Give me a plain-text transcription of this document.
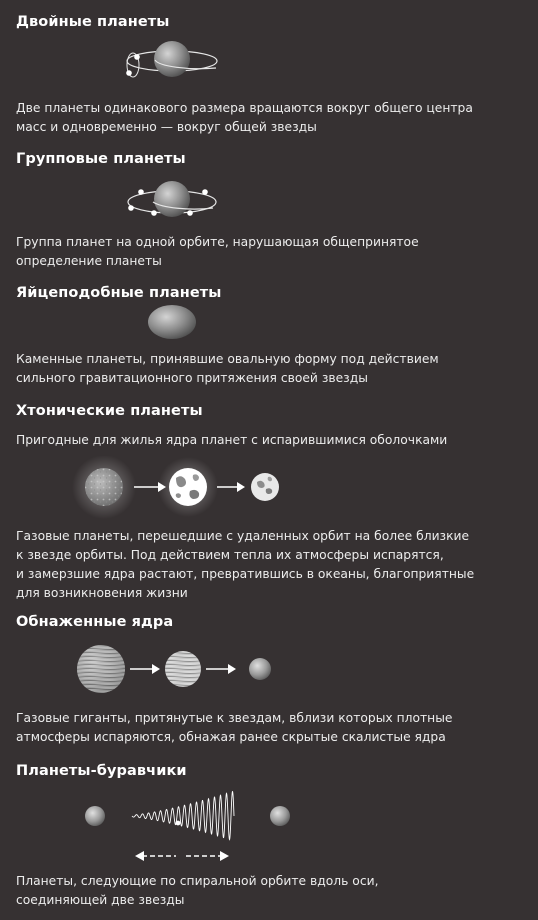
Двойные планеты
Две планеты одинакового размера вращаются вокруг общего центра
масс и одновременно — вокруг общей звезды
Групповые планеты
Группа планет на одной орбите, нарушающая общепринятое
определение планеты
Яйцеподобные планеты
Каменные планеты, принявшие овальную форму под действием
сильного гравитационного притяжения своей звезды
Хтонические планеты
Пригодные для жилья ядра планет с испарившимися оболочками
Газовые планеты, перешедшие с удаленных орбит на более близкие
к звезде орбиты. Под действием тепла их атмосферы испарятся,
и замерзшие ядра растают, превратившись в океаны, благоприятные
для возникновения жизни
Обнаженные ядра
Газовые гиганты, притянутые к звездам, вблизи которых плотные
атмосферы испаряются, обнажая ранее скрытые скалистые ядра
Планеты-буравчики
Планеты, следующие по спиральной орбите вдоль оси,
соединяющей две звезды
